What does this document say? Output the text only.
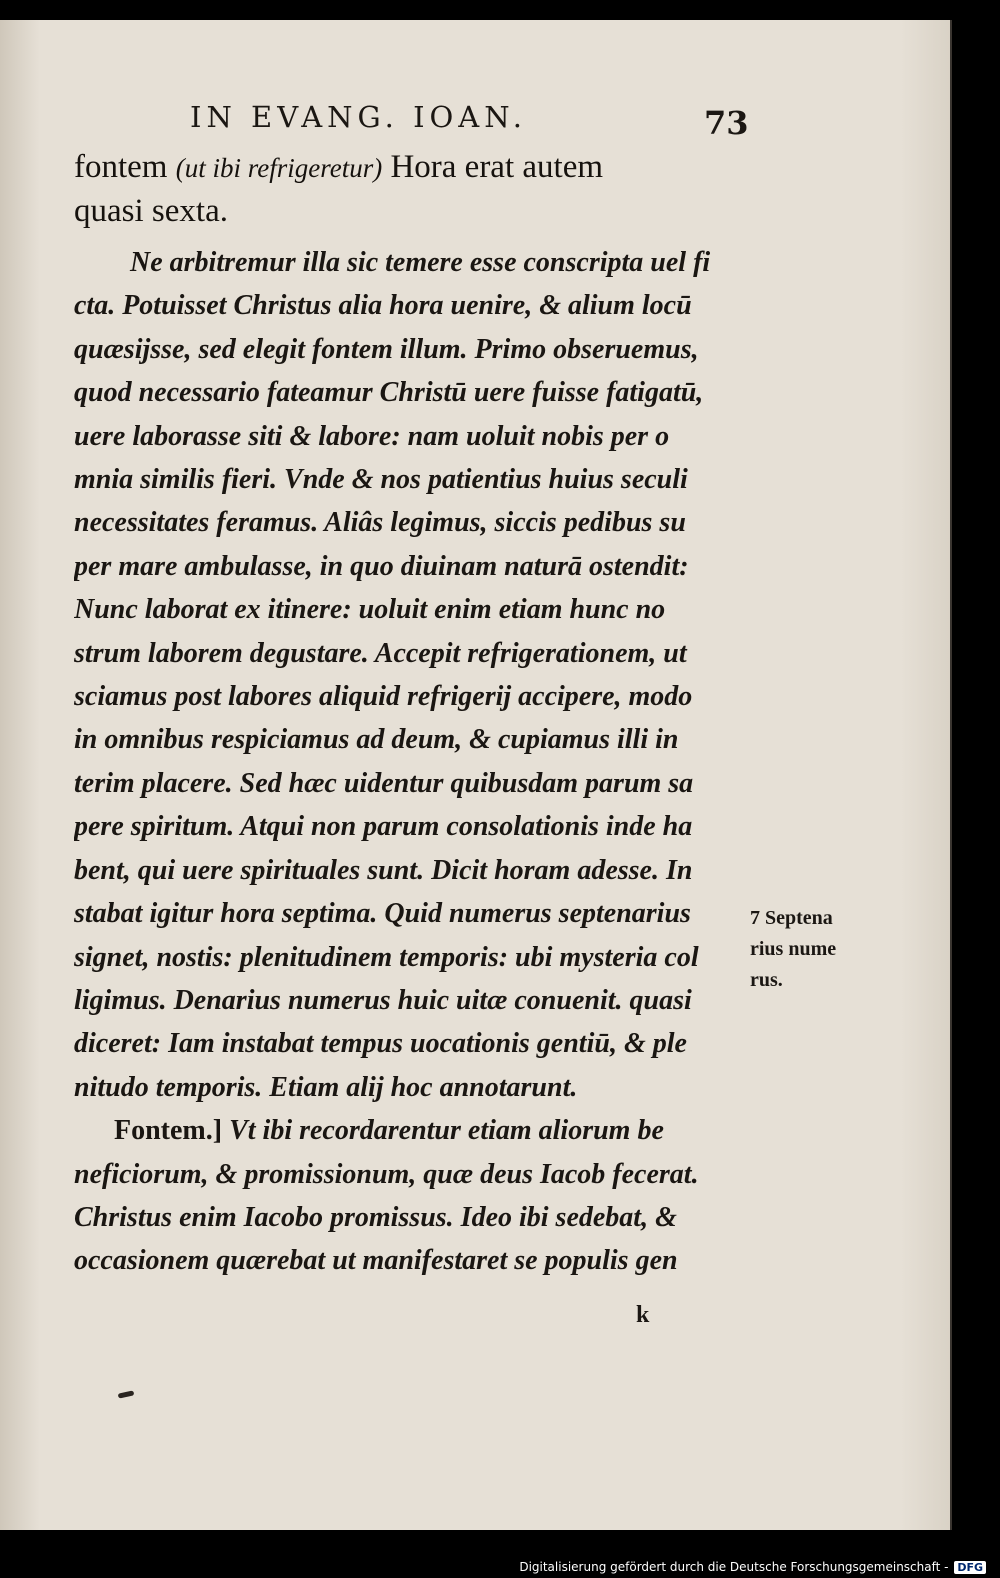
IN EVANG. IOAN.	73

fontem (ut ibi refrigeretur) Hora erat autem
quasi sexta.

Ne arbitremur illa sic temere esse conscripta uel fi
cta. Potuisset Christus alia hora uenire, & alium locū
quæsijsse, sed elegit fontem illum. Primo obseruemus,
quod necessario fateamur Christū uere fuisse fatigatū,
uere laborasse siti & labore: nam uoluit nobis per o
mnia similis fieri. Vnde & nos patientius huius seculi
necessitates feramus. Aliâs legimus, siccis pedibus su
per mare ambulasse, in quo diuinam naturā ostendit:
Nunc laborat ex itinere: uoluit enim etiam hunc no
strum laborem degustare. Accepit refrigerationem, ut
sciamus post labores aliquid refrigerij accipere, modo
in omnibus respiciamus ad deum, & cupiamus illi in
terim placere. Sed hæc uidentur quibusdam parum sa
pere spiritum. Atqui non parum consolationis inde ha
bent, qui uere spirituales sunt. Dicit horam adesse. In
stabat igitur hora septima. Quid numerus septenarius
signet, nostis: plenitudinem temporis: ubi mysteria col
ligimus. Denarius numerus huic uitæ conuenit. quasi
diceret: Iam instabat tempus uocationis gentiū, & ple
nitudo temporis. Etiam alij hoc annotarunt.
Fontem.] Vt ibi recordarentur etiam aliorum be
neficiorum, & promissionum, quæ deus Iacob fecerat.
Christus enim Iacobo promissus. Ideo ibi sedebat, &
occasionem quærebat ut manifestaret se populis gen
7 Septena
rius nume
rus.
k
Digitalisierung gefördert durch die Deutsche Forschungsgemeinschaft - DFG
